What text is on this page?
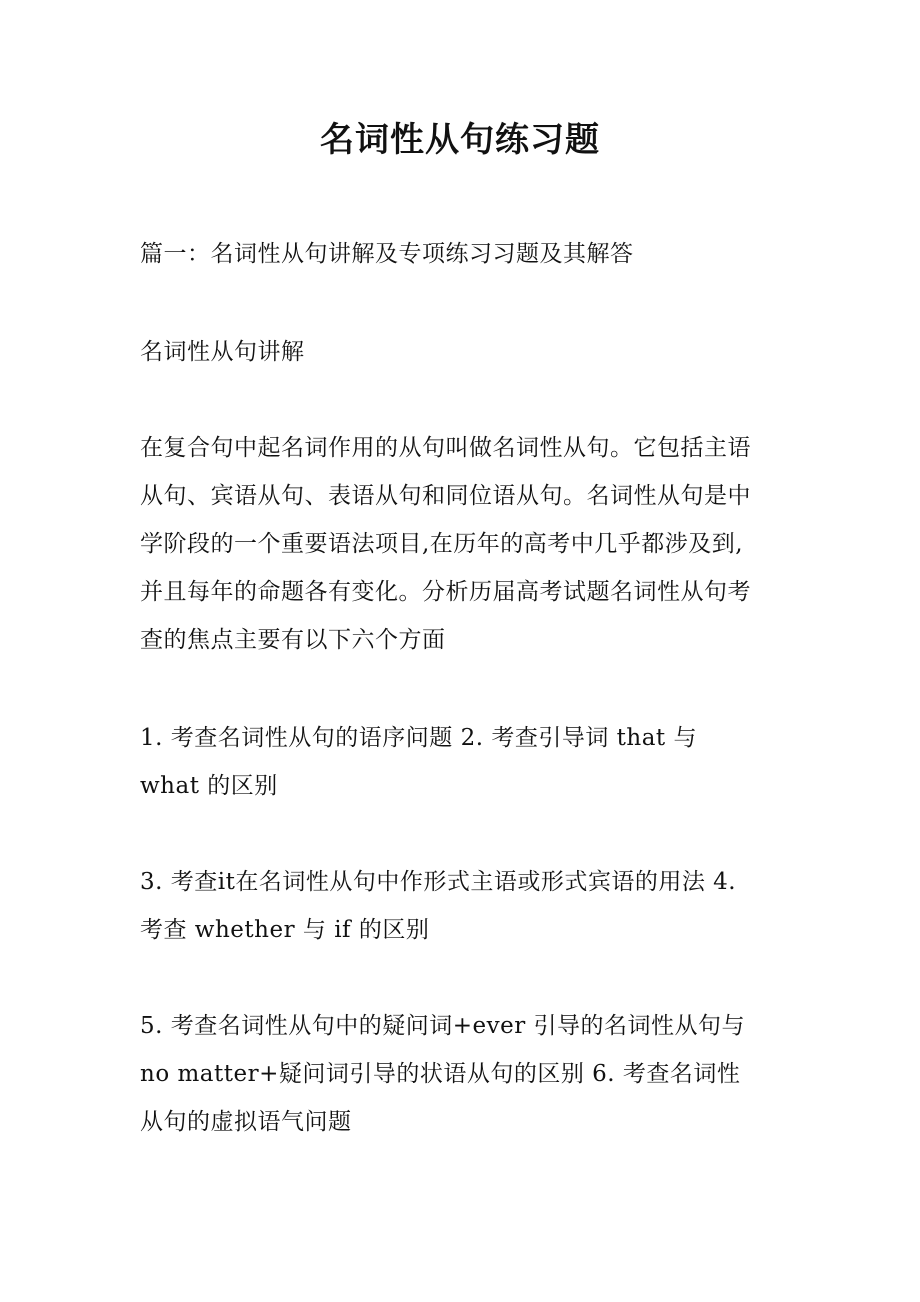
名词性从句练习题

篇一：名词性从句讲解及专项练习习题及其解答

名词性从句讲解

在复合句中起名词作用的从句叫做名词性从句。它包括主语
从句、宾语从句、表语从句和同位语从句。名词性从句是中
学阶段的一个重要语法项目,在历年的高考中几乎都涉及到,
并且每年的命题各有变化。分析历届高考试题名词性从句考
查的焦点主要有以下六个方面

1. 考查名词性从句的语序问题 2. 考查引导词 that 与
what 的区别

3. 考查it在名词性从句中作形式主语或形式宾语的用法 4.
考查 whether 与 if 的区别

5. 考查名词性从句中的疑问词+ever 引导的名词性从句与
no matter+疑问词引导的状语从句的区别 6. 考查名词性
从句的虚拟语气问题
